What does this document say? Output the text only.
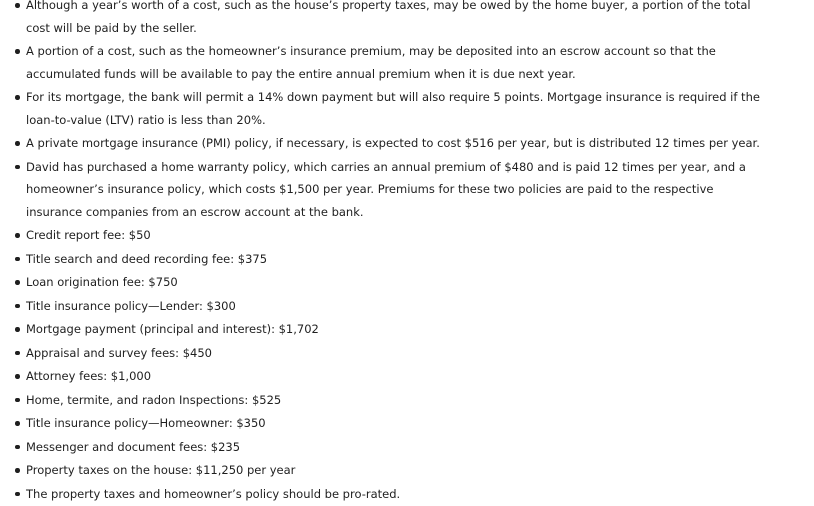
Although a year’s worth of a cost, such as the house’s property taxes, may be owed by the home buyer, a portion of the total cost will be paid by the seller.
A portion of a cost, such as the homeowner’s insurance premium, may be deposited into an escrow account so that the accumulated funds will be available to pay the entire annual premium when it is due next year.
For its mortgage, the bank will permit a 14% down payment but will also require 5 points. Mortgage insurance is required if the loan-to-value (LTV) ratio is less than 20%.
A private mortgage insurance (PMI) policy, if necessary, is expected to cost $516 per year, but is distributed 12 times per year.
David has purchased a home warranty policy, which carries an annual premium of $480 and is paid 12 times per year, and a homeowner’s insurance policy, which costs $1,500 per year. Premiums for these two policies are paid to the respective insurance companies from an escrow account at the bank.
Credit report fee: $50
Title search and deed recording fee: $375
Loan origination fee: $750
Title insurance policy—Lender: $300
Mortgage payment (principal and interest): $1,702
Appraisal and survey fees: $450
Attorney fees: $1,000
Home, termite, and radon Inspections: $525
Title insurance policy—Homeowner: $350
Messenger and document fees: $235
Property taxes on the house: $11,250 per year
The property taxes and homeowner’s policy should be pro-rated.
